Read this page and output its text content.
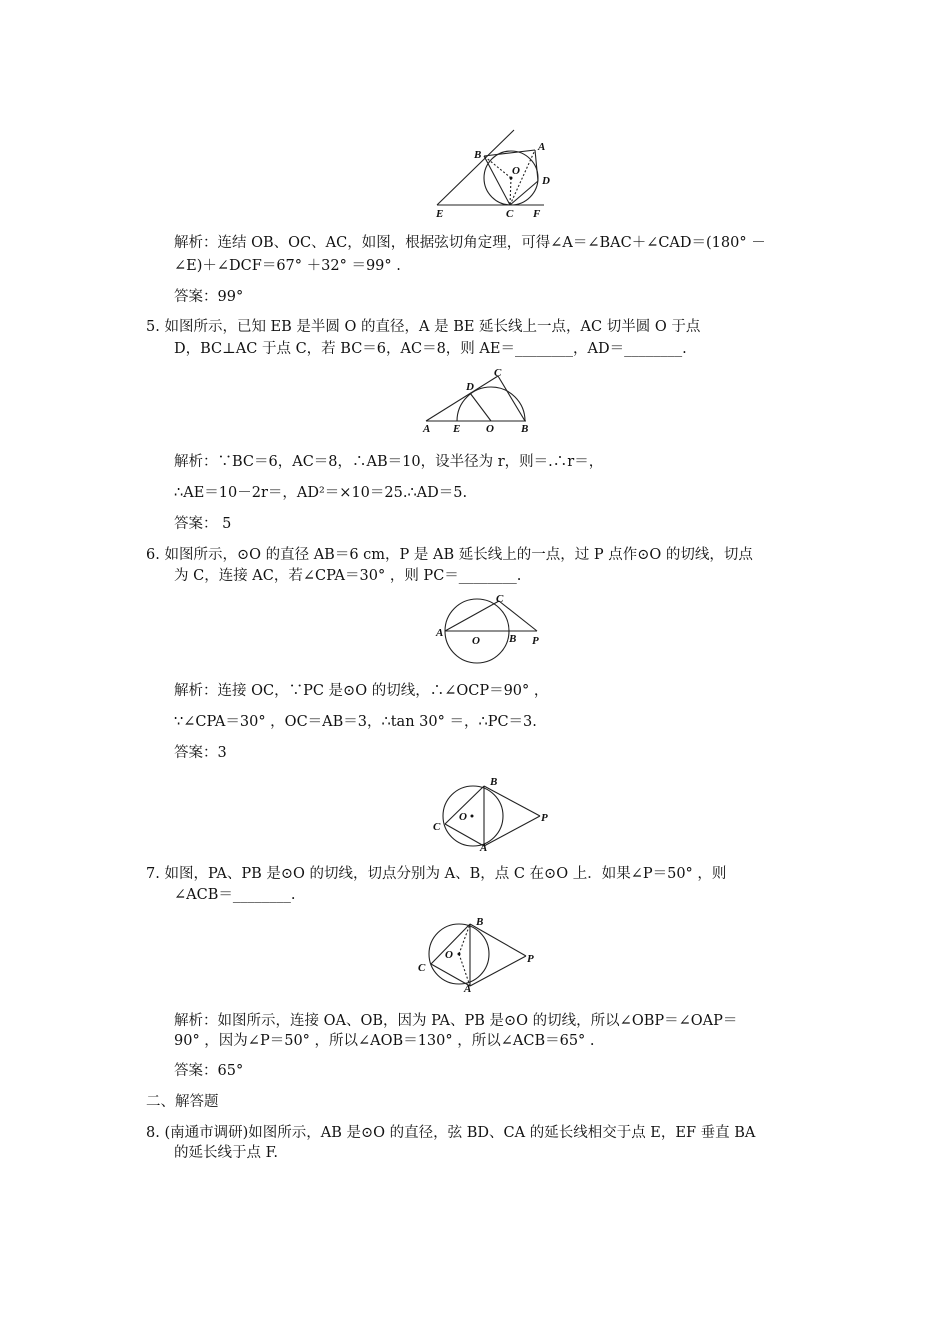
B
A
O
D
E	C F
解析：连结 OB、OC、AC，如图，根据弦切角定理，可得∠A＝∠BAC＋∠CAD＝(180° －
∠E)＋∠DCF＝67° ＋32° ＝99° .
答案：99°
5. 如图所示，已知 EB 是半圆 O 的直径，A 是 BE 延长线上一点，AC 切半圆 O 于点
D，BC⊥AC 于点 C，若 BC＝6，AC＝8，则 AE＝________，AD＝________.
C
D
A E O B
解析：∵BC＝6，AC＝8，∴AB＝10，设半径为 r，则＝.∴r＝，
∴AE＝10－2r＝，AD²＝×10＝25.∴AD＝5.
答案： 5
6. 如图所示，⊙O 的直径 AB＝6 cm，P 是 AB 延长线上的一点，过 P 点作⊙O 的切线，切点
为 C，连接 AC，若∠CPA＝30° ，则 PC＝________.
C
A
O	B P
解析：连接 OC，∵PC 是⊙O 的切线，∴∠OCP＝90° ，
∵∠CPA＝30° ，OC＝AB＝3，∴tan 30° ＝，∴PC＝3.
答案：3
B
O
C
A
P
7. 如图，PA、PB 是⊙O 的切线，切点分别为 A、B，点 C 在⊙O 上．如果∠P＝50° ，则
∠ACB＝________.
B
O
C
A
P
解析：如图所示，连接 OA、OB，因为 PA、PB 是⊙O 的切线，所以∠OBP＝∠OAP＝
90° ，因为∠P＝50° ，所以∠AOB＝130° ，所以∠ACB＝65° .
答案：65°
二、解答题
8. (南通市调研)如图所示，AB 是⊙O 的直径，弦 BD、CA 的延长线相交于点 E，EF 垂直 BA
的延长线于点 F.
